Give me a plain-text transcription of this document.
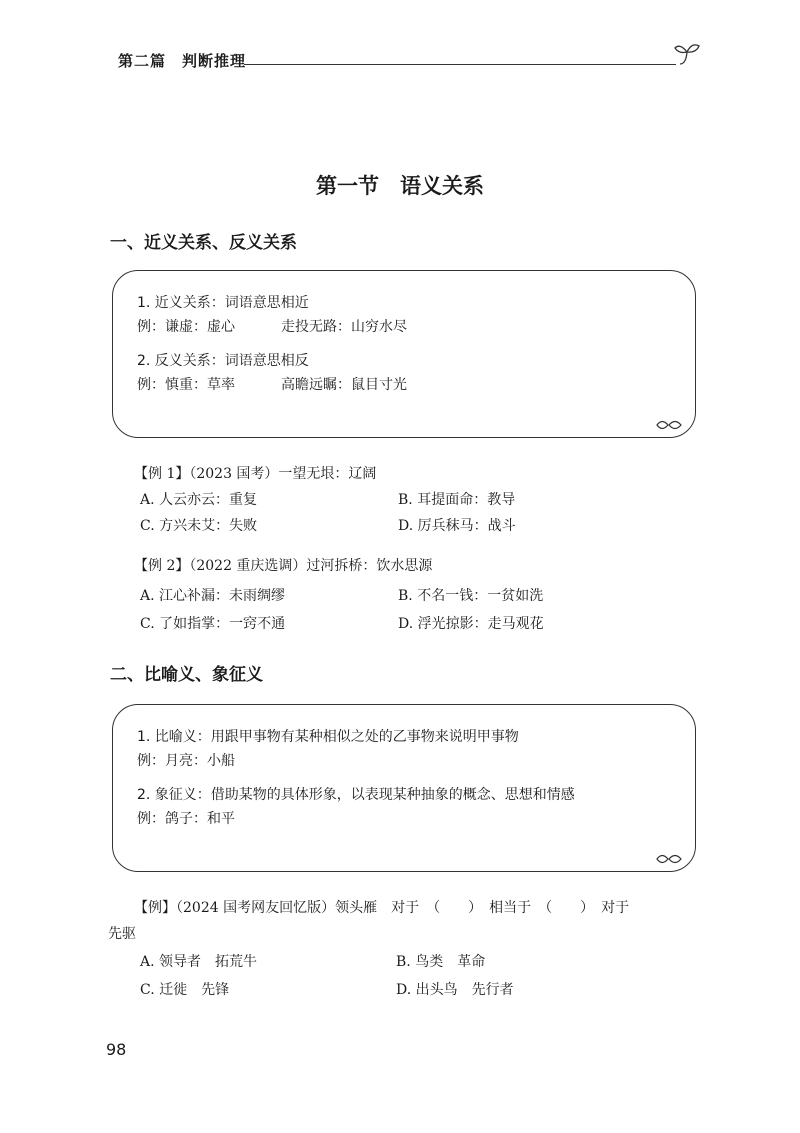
第二篇　判断推理
第一节　语义关系
一、近义关系、反义关系
1. 近义关系：词语意思相近
例：谦虚：虚心	走投无路：山穷水尽
2. 反义关系：词语意思相反
例：慎重：草率	高瞻远瞩：鼠目寸光
【例 1】（2023 国考）一望无垠：辽阔
A. 人云亦云：重复	B. 耳提面命：教导
C. 方兴未艾：失败	D. 厉兵秣马：战斗
【例 2】（2022 重庆选调）过河拆桥：饮水思源
A. 江心补漏：未雨绸缪	B. 不名一钱：一贫如洗
C. 了如指掌：一窍不通	D. 浮光掠影：走马观花
二、比喻义、象征义
1. 比喻义：用跟甲事物有某种相似之处的乙事物来说明甲事物
例：月亮：小船
2. 象征义：借助某物的具体形象，以表现某种抽象的概念、思想和情感
例：鸽子：和平
【例】（2024 国考网友回忆版）领头雁　对于　（　　）　相当于　（　　）　对于
先驱
A. 领导者　拓荒牛	B. 鸟类　革命
C. 迁徙　先锋	D. 出头鸟　先行者
98
